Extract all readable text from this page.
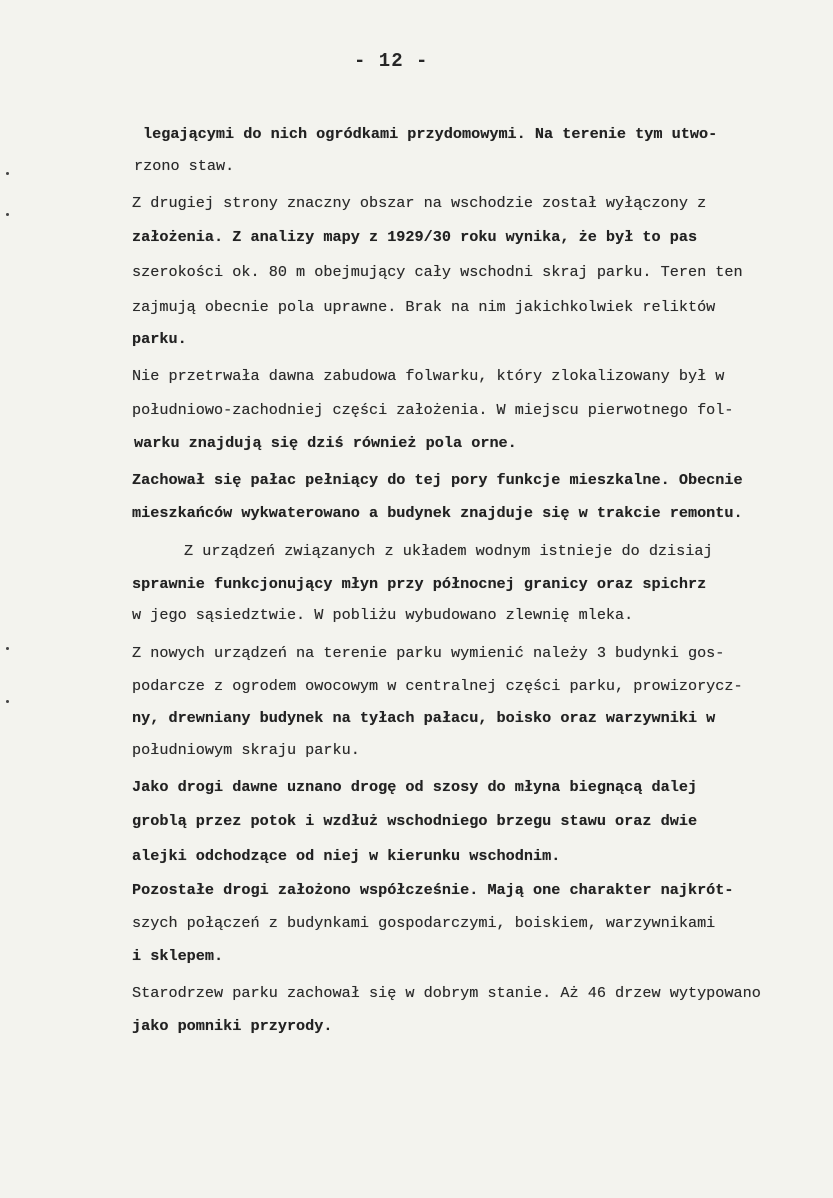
- 12 -
legającymi do nich ogródkami przydomowymi. Na terenie tym utwo-
rzono staw.
Z drugiej strony znaczny obszar na wschodzie został wyłączony z
założenia. Z analizy mapy z 1929/30 roku wynika, że był to pas
szerokości ok. 80 m obejmujący cały wschodni skraj parku. Teren ten
zajmują obecnie pola uprawne. Brak na nim jakichkolwiek reliktów
parku.
Nie przetrwała dawna zabudowa folwarku, który zlokalizowany był w
południowo-zachodniej części założenia. W miejscu pierwotnego fol-
warku znajdują się dziś również pola orne.
Zachował się pałac pełniący do tej pory funkcje mieszkalne. Obecnie
mieszkańców wykwaterowano a budynek znajduje się w trakcie remontu.
Z urządzeń związanych z układem wodnym istnieje do dzisiaj
sprawnie funkcjonujący młyn przy północnej granicy oraz spichrz
w jego sąsiedztwie. W pobliżu wybudowano zlewnię mleka.
Z nowych urządzeń na terenie parku wymienić należy 3 budynki gos-
podarcze z ogrodem owocowym w centralnej części parku, prowizorycz-
ny, drewniany budynek na tyłach pałacu, boisko oraz warzywniki w
południowym skraju parku.
Jako drogi dawne uznano drogę od szosy do młyna biegnącą dalej
groblą przez potok i wzdłuż wschodniego brzegu stawu oraz dwie
alejki odchodzące od niej w kierunku wschodnim.
Pozostałe drogi założono współcześnie. Mają one charakter najkrót-
szych połączeń z budynkami gospodarczymi, boiskiem, warzywnikami
i sklepem.
Starodrzew parku zachował się w dobrym stanie. Aż 46 drzew wytypowano
jako pomniki przyrody.
